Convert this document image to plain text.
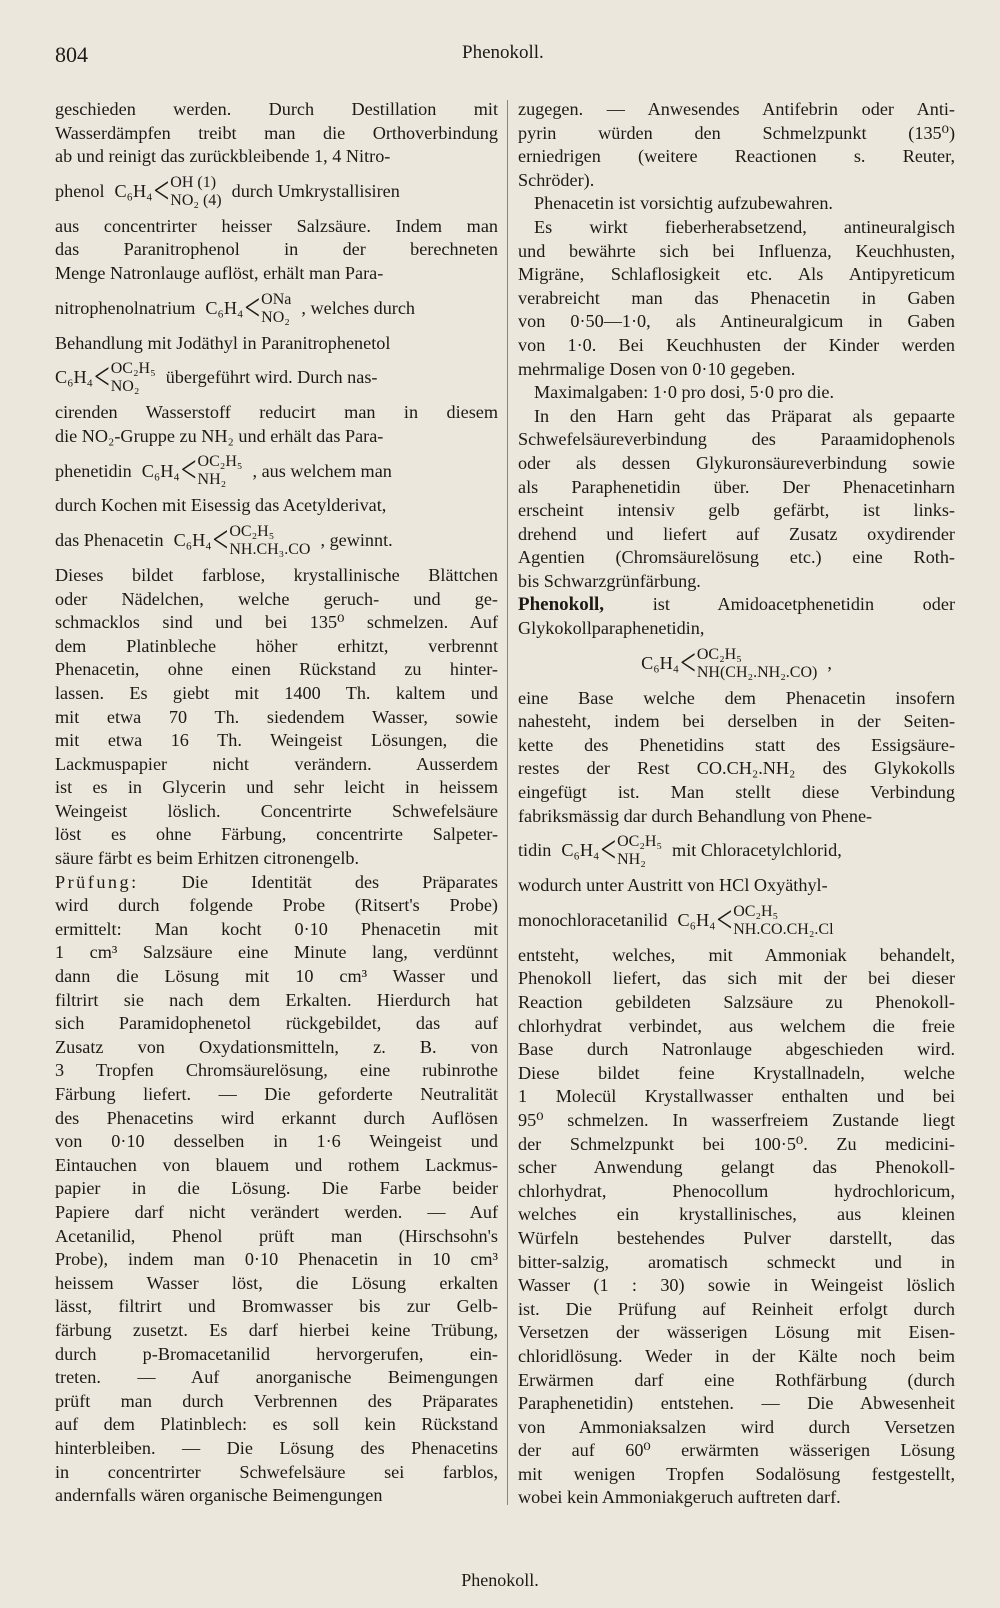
804	Phenokoll.
geschieden werden. Durch Destillation mit
Wasserdämpfen treibt man die Orthoverbindung
ab und reinigt das zurückbleibende 1, 4 Nitro-
phenol C₆H₄ < OH (1)
NO₂ (4) durch Umkrystallisiren
aus concentrirter heisser Salzsäure. Indem man
das Paranitrophenol in der berechneten
Menge Natronlauge auflöst, erhält man Para-
nitrophenolnatrium C₆H₄ < ONa
NO₂ , welches durch
Behandlung mit Jodäthyl in Paranitrophenetol
C₆H₄ < OC₂H₅
NO₂	übergeführt wird. Durch nas-
cirenden Wasserstoff reducirt man in diesem
die NO₂-Gruppe zu NH₂ und erhält das Para-
phenetidin C₆H₄ < OC₂H₅
NH₂	, aus welchem man
durch Kochen mit Eisessig das Acetylderivat,
das Phenacetin C₆H₄ < OC₂H₅
NH.CH₃.CO , gewinnt.
Dieses bildet farblose, krystallinische Blättchen
oder Nädelchen, welche geruch- und ge-
schmacklos sind und bei 135⁰ schmelzen. Auf
dem Platinbleche höher erhitzt, verbrennt
Phenacetin, ohne einen Rückstand zu hinter-
lassen. Es giebt mit 1400 Th. kaltem und
mit etwa 70 Th. siedendem Wasser, sowie
mit etwa 16 Th. Weingeist Lösungen, die
Lackmuspapier nicht verändern. Ausserdem
ist es in Glycerin und sehr leicht in heissem
Weingeist löslich. Concentrirte Schwefelsäure
löst es ohne Färbung, concentrirte Salpeter-
säure färbt es beim Erhitzen citronengelb.
Prüfung: Die Identität des Präparates
wird durch folgende Probe (Ritsert's Probe)
ermittelt: Man kocht 0·10 Phenacetin mit
1 cm³ Salzsäure eine Minute lang, verdünnt
dann die Lösung mit 10 cm³ Wasser und
filtrirt sie nach dem Erkalten. Hierdurch hat
sich Paramidophenetol rückgebildet, das auf
Zusatz von Oxydationsmitteln, z. B. von
3 Tropfen Chromsäurelösung, eine rubinrothe
Färbung liefert. — Die geforderte Neutralität
des Phenacetins wird erkannt durch Auflösen
von 0·10 desselben in 1·6 Weingeist und
Eintauchen von blauem und rothem Lackmus-
papier in die Lösung. Die Farbe beider
Papiere darf nicht verändert werden. — Auf
Acetanilid, Phenol prüft man (Hirschsohn's
Probe), indem man 0·10 Phenacetin in 10 cm³
heissem Wasser löst, die Lösung erkalten
lässt, filtrirt und Bromwasser bis zur Gelb-
färbung zusetzt. Es darf hierbei keine Trübung,
durch p-Bromacetanilid hervorgerufen, ein-
treten. — Auf anorganische Beimengungen
prüft man durch Verbrennen des Präparates
auf dem Platinblech: es soll kein Rückstand
hinterbleiben. — Die Lösung des Phenacetins
in concentrirter Schwefelsäure sei farblos,
andernfalls wären organische Beimengungen
zugegen. — Anwesendes Antifebrin oder Anti-
pyrin würden den Schmelzpunkt (135⁰)
erniedrigen (weitere Reactionen s. Reuter,
Schröder).
Phenacetin ist vorsichtig aufzubewahren.
Es wirkt fieberherabsetzend, antineuralgisch
und bewährte sich bei Influenza, Keuchhusten,
Migräne, Schlaflosigkeit etc. Als Antipyreticum
verabreicht man das Phenacetin in Gaben
von 0·50—1·0, als Antineuralgicum in Gaben
von 1·0. Bei Keuchhusten der Kinder werden
mehrmalige Dosen von 0·10 gegeben.
Maximalgaben: 1·0 pro dosi, 5·0 pro die.
In den Harn geht das Präparat als gepaarte
Schwefelsäureverbindung des Paraamidophenols
oder als dessen Glykuronsäureverbindung sowie
als Paraphenetidin über. Der Phenacetinharn
erscheint intensiv gelb gefärbt, ist links-
drehend und liefert auf Zusatz oxydirender
Agentien (Chromsäurelösung etc.) eine Roth-
bis Schwarzgrünfärbung.
Phenokoll,	ist Amidoacetphenetidin oder
Glykokollparaphenetidin,
C₆H₄ < OC₂H₅
NH(CH₂.NH₂.CO) ,
eine Base welche dem Phenacetin insofern
nahesteht, indem bei derselben in der Seiten-
kette des Phenetidins statt des Essigsäure-
restes der Rest CO.CH₂.NH₂ des Glykokolls
eingefügt ist. Man stellt diese Verbindung
fabriksmässig dar durch Behandlung von Phene-
tidin C₆H₄ < OC₂H₅
NH₂	mit Chloracetylchlorid,
wodurch unter Austritt von HCl Oxyäthyl-
monochloracetanilid C₆H₄ < OC₂H₅
NH.CO.CH₂.Cl
entsteht, welches, mit Ammoniak behandelt,
Phenokoll liefert, das sich mit der bei dieser
Reaction gebildeten Salzsäure zu Phenokoll-
chlorhydrat verbindet, aus welchem die freie
Base durch Natronlauge abgeschieden wird.
Diese bildet feine Krystallnadeln, welche
1 Molecül Krystallwasser enthalten und bei
95⁰ schmelzen. In wasserfreiem Zustande liegt
der Schmelzpunkt bei 100·5⁰. Zu medicini-
scher Anwendung gelangt das Phenokoll-
chlorhydrat, Phenocollum hydrochloricum,
welches ein krystallinisches, aus kleinen
Würfeln bestehendes Pulver darstellt, das
bitter-salzig, aromatisch schmeckt und in
Wasser (1 : 30) sowie in Weingeist löslich
ist. Die Prüfung auf Reinheit erfolgt durch
Versetzen der wässerigen Lösung mit Eisen-
chloridlösung. Weder in der Kälte noch beim
Erwärmen darf eine Rothfärbung (durch
Paraphenetidin) entstehen. — Die Abwesenheit
von Ammoniaksalzen wird durch Versetzen
der auf 60⁰ erwärmten wässerigen Lösung
mit wenigen Tropfen Sodalösung festgestellt,
wobei kein Ammoniakgeruch auftreten darf.
Phenokoll.
